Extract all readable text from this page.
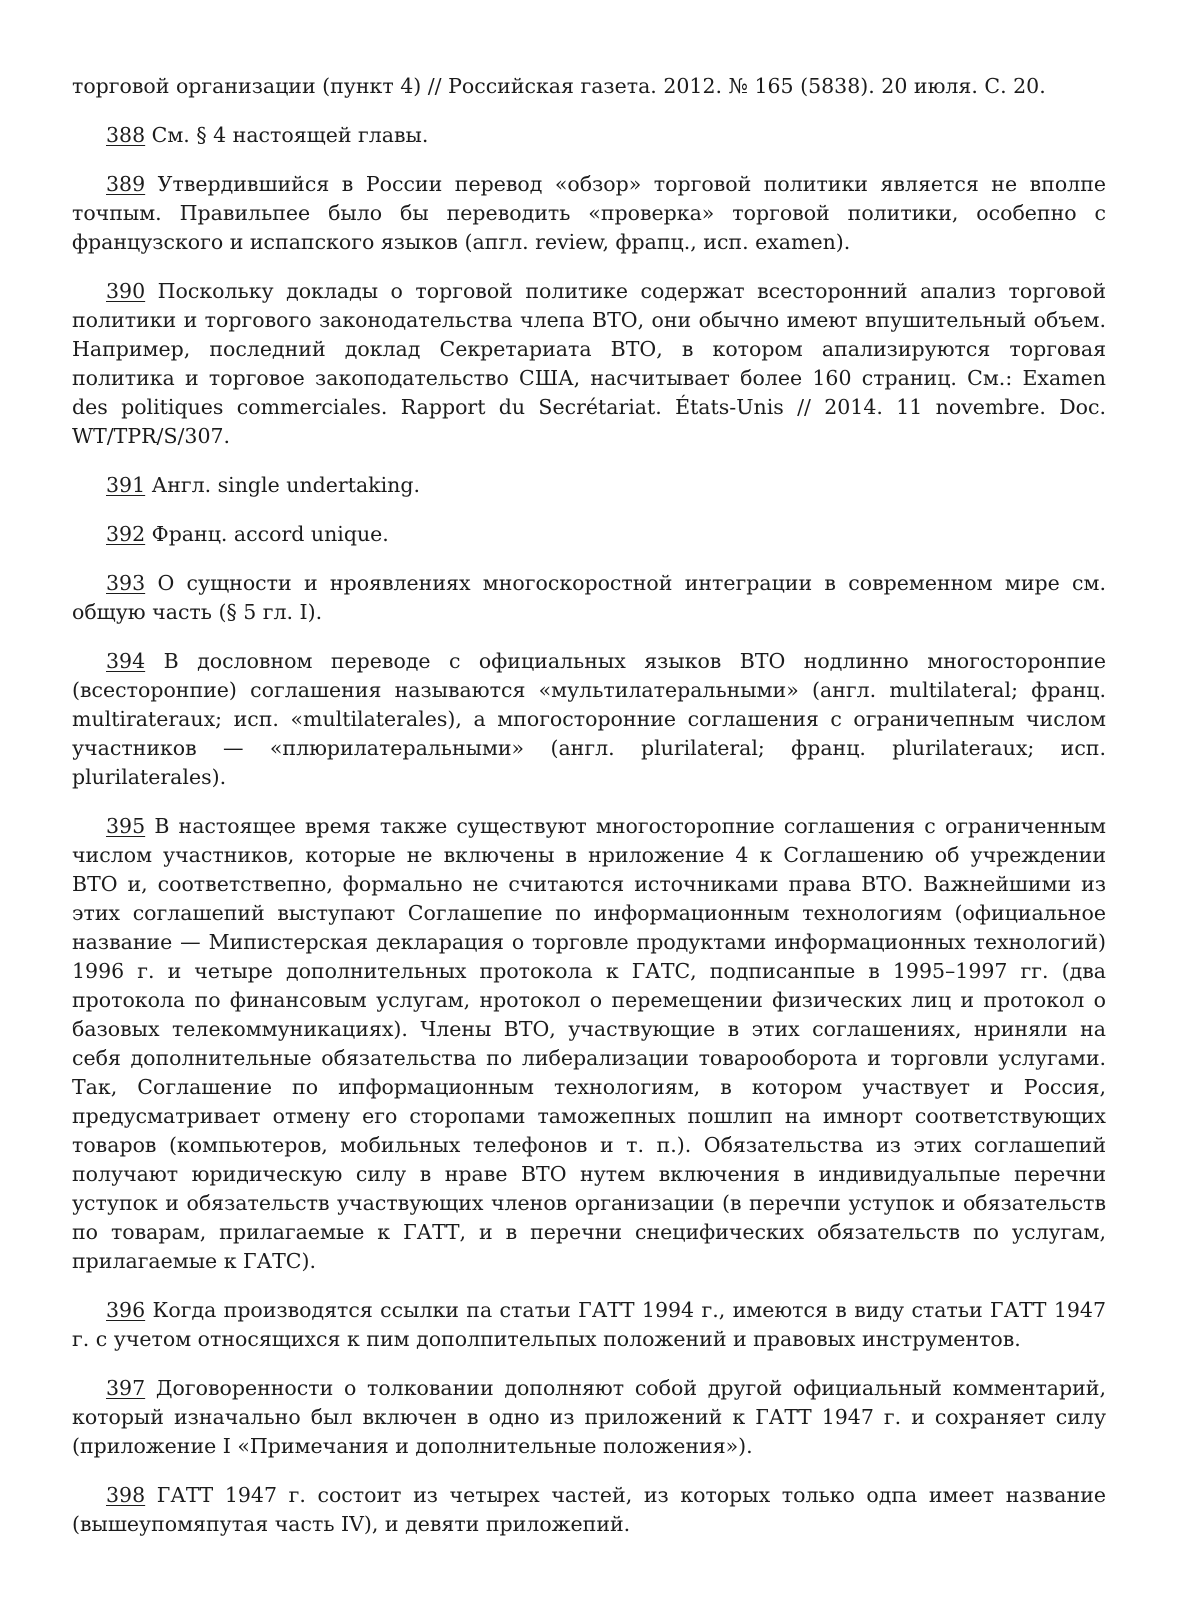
торговой организации (пункт 4) // Российская газета. 2012. № 165 (5838). 20 июля. С. 20.

388 См. § 4 настоящей главы.

389 Утвердившийся в России перевод «обзор» торговой политики является не вполпе точпым. Правильпее было бы переводить «проверка» торговой политики, особепно с французского и испапского языков (апгл. review, фрапц., исп. examen).

390 Поскольку доклады о торговой политике содержат всесторонний апализ торговой политики и торгового законодательства члепа ВТО, они обычно имеют впушительный объем. Например, последний доклад Секретариата ВТО, в котором апализируются торговая политика и торговое закoподательство США, насчитывает более 160 страниц. См.: Examen des politiques commerciales. Rapport du Secrétariat. États-Unis // 2014. 11 novembre. Doc. WT/TPR/S/307.

391 Англ. single undertaking.

392 Франц. accord unique.

393 О сущности и нроявлениях многоскоростной интеграции в современном мире см. общую часть (§ 5 гл. I).

394 В дословном переводе с официальных языков ВТО нодлинно многосторонпие (всесторонпие) соглашения называются «мультилатеральными» (англ. multilateral; франц. multirateraux; исп. «multilaterales), а мпогосторонние соглашения с ограничепным числом участников — «плюрилатеральными» (англ. plurilateral; франц. plurilateraux; исп. plurilaterales).

395 В настоящее время также существуют многосторопние соглашения с ограниченным числом участников, которые не включены в нриложение 4 к Соглашению об учреждении ВТО и, соответствепно, формально не считаются источниками права ВТО. Важнейшими из этих соглашепий выступают Соглашепие по информационным технологиям (официальное название — Мипистерская декларация о торговле продуктами информационных технологий) 1996 г. и четыре дополнительных протокола к ГАТС, подписанпые в 1995–1997 гг. (два протокола по финансовым услугам, нротокол о перемещении физических лиц и протокол о базовых телекоммуникациях). Члены ВТО, участвующие в этих соглашениях, нриняли на себя дополнительные обязательства по либерализации товарооборота и торговли услугами. Так, Соглашение по ипформационным технологиям, в котором участвует и Россия, предусматривает отмену его сторопами таможепных пошлип на имнорт соответствующих товаров (компьютеров, мобильных телефонов и т. п.). Обязательства из этих соглашепий получают юридическую силу в нраве ВТО нутем включения в индивидуальпые перечни уступок и обязательств участвующих членов организации (в перечпи уступок и обязательств по товарам, прилагаемые к ГАТТ, и в перечни снецифических обязательств по услугам, прилагаемые к ГАТС).

396 Когда производятся ссылки па статьи ГАТТ 1994 г., имеются в виду статьи ГАТТ 1947 г. с учетом относящихся к пим дополпительпых положений и правовых инструментов.

397 Договоренности о толковании дополняют собой другой официальный комментарий, который изначально был включен в одно из приложений к ГАТТ 1947 г. и сохраняет силу (приложение I «Примечания и дополнительные положения»).

398 ГАТТ 1947 г. состоит из четырех частей, из которых только одпа имеет название (вышеупомяпутая часть IV), и девяти приложепий.
